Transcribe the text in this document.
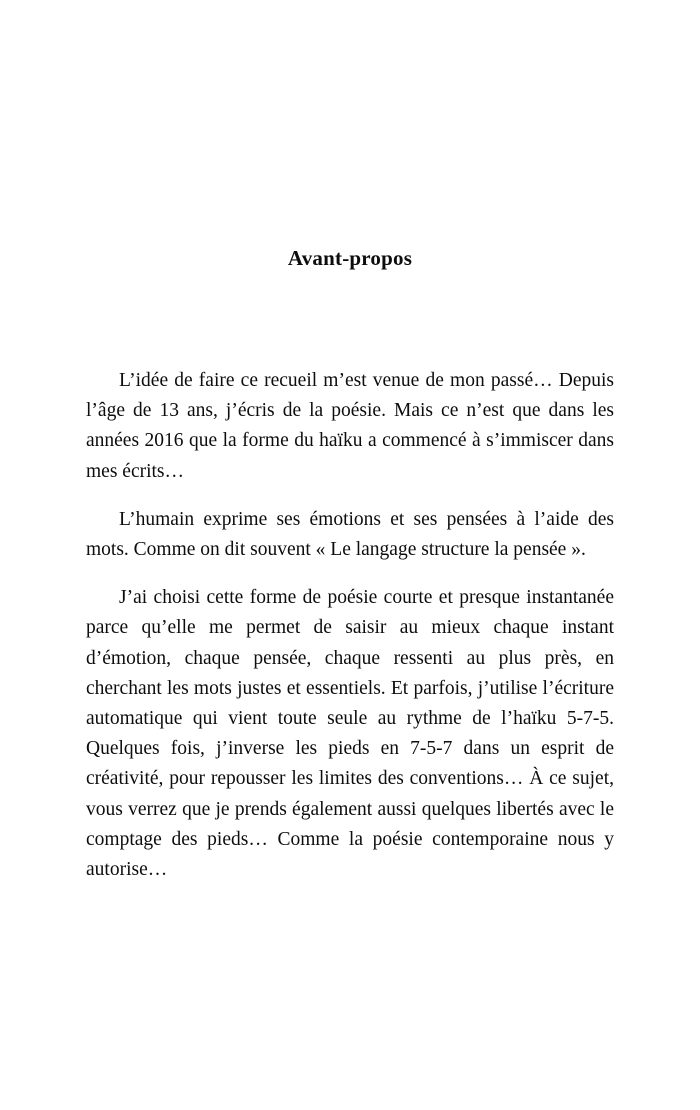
Avant-propos

L’idée de faire ce recueil m’est venue de mon passé… Depuis l’âge de 13 ans, j’écris de la poésie. Mais ce n’est que dans les années 2016 que la forme du haïku a commencé à s’immiscer dans mes écrits…

L’humain exprime ses émotions et ses pensées à l’aide des mots. Comme on dit souvent « Le langage structure la pensée ».

J’ai choisi cette forme de poésie courte et presque instantanée parce qu’elle me permet de saisir au mieux chaque instant d’émotion, chaque pensée, chaque ressenti au plus près, en cherchant les mots justes et essentiels. Et parfois, j’utilise l’écriture automatique qui vient toute seule au rythme de l’haïku 5-7-5. Quelques fois, j’inverse les pieds en 7-5-7 dans un esprit de créativité, pour repousser les limites des conventions… À ce sujet, vous verrez que je prends également aussi quelques libertés avec le comptage des pieds… Comme la poésie contemporaine nous y autorise…
